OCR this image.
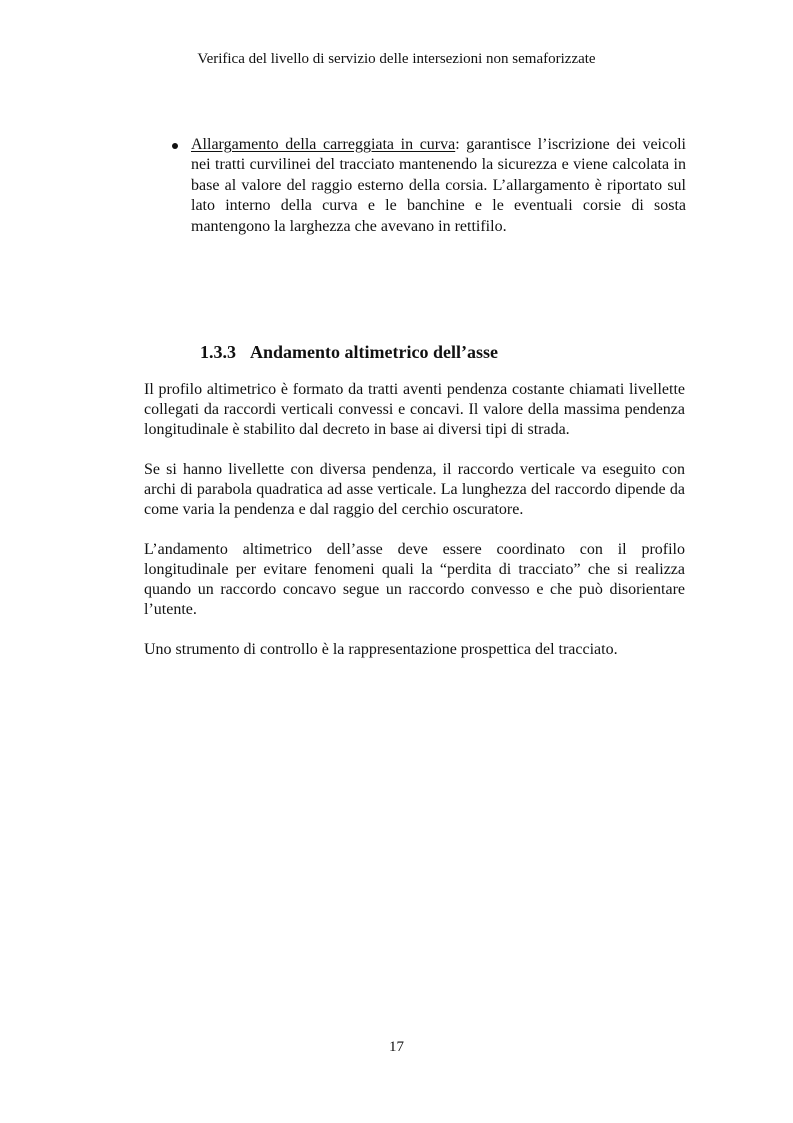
Verifica del livello di servizio delle intersezioni non semaforizzate
Allargamento della carreggiata in curva: garantisce l’iscrizione dei veicoli nei tratti curvilinei del tracciato mantenendo la sicurezza e viene calcolata in base al valore del raggio esterno della corsia. L’allargamento è riportato sul lato interno della curva e le banchine e le eventuali corsie di sosta mantengono la larghezza che avevano in rettifilo.
1.3.3 Andamento altimetrico dell’asse

Il profilo altimetrico è formato da tratti aventi pendenza costante chiamati livellette collegati da raccordi verticali convessi e concavi. Il valore della massima pendenza longitudinale è stabilito dal decreto in base ai diversi tipi di strada.

Se si hanno livellette con diversa pendenza, il raccordo verticale va eseguito con archi di parabola quadratica ad asse verticale. La lunghezza del raccordo dipende da come varia la pendenza e dal raggio del cerchio oscuratore.

L’andamento altimetrico dell’asse deve essere coordinato con il profilo longitudinale per evitare fenomeni quali la “perdita di tracciato” che si realizza quando un raccordo concavo segue un raccordo convesso e che può disorientare l’utente.

Uno strumento di controllo è la rappresentazione prospettica del tracciato.

17
